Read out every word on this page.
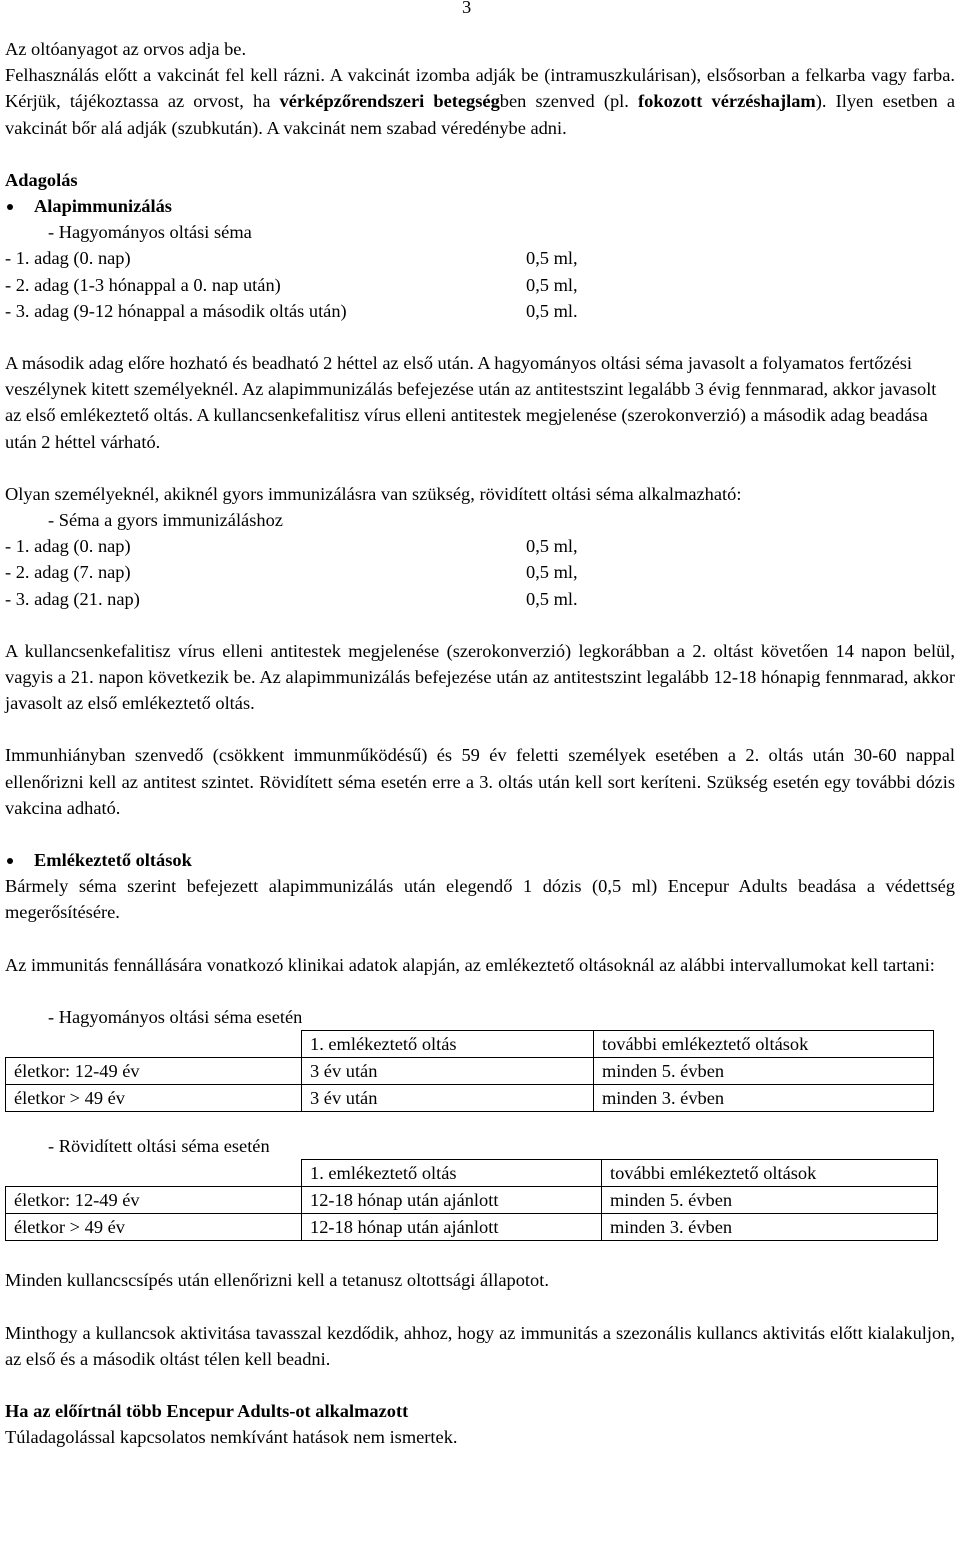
3

Az oltóanyagot az orvos adja be.

Felhasználás előtt a vakcinát fel kell rázni. A vakcinát izomba adják be (intramuszkulárisan), elsősorban a felkarba vagy farba. Kérjük, tájékoztassa az orvost, ha vérképzőrendszeri betegségben szenved (pl. fokozott vérzéshajlam). Ilyen esetben a vakcinát bőr alá adják (szubkután). A vakcinát nem szabad véredénybe adni.

Adagolás

Alapimmunizálás

- Hagyományos oltási séma

- 1. adag (0. nap)	0,5 ml,
- 2. adag (1-3 hónappal a 0. nap után)	0,5 ml,
- 3. adag (9-12 hónappal a második oltás után)	0,5 ml.

A második adag előre hozható és beadható 2 héttel az első után. A hagyományos oltási séma javasolt a folyamatos fertőzési veszélynek kitett személyeknél. Az alapimmunizálás befejezése után az antitestszint legalább 3 évig fennmarad, akkor javasolt az első emlékeztető oltás. A kullancsenkefalitisz vírus elleni antitestek megjelenése (szerokonverzió) a második adag beadása után 2 héttel várható.

Olyan személyeknél, akiknél gyors immunizálásra van szükség, rövidített oltási séma alkalmazható:

- Séma a gyors immunizáláshoz

- 1. adag (0. nap)	0,5 ml,
- 2. adag (7. nap)	0,5 ml,
- 3. adag (21. nap)	0,5 ml.

A kullancsenkefalitisz vírus elleni antitestek megjelenése (szerokonverzió) legkorábban a 2. oltást követően 14 napon belül, vagyis a 21. napon következik be. Az alapimmunizálás befejezése után az antitestszint legalább 12-18 hónapig fennmarad, akkor javasolt az első emlékeztető oltás.

Immunhiányban szenvedő (csökkent immunműködésű) és 59 év feletti személyek esetében a 2. oltás után 30-60 nappal ellenőrizni kell az antitest szintet. Rövidített séma esetén erre a 3. oltás után kell sort keríteni. Szükség esetén egy további dózis vakcina adható.

Emlékeztető oltások

Bármely séma szerint befejezett alapimmunizálás után elegendő 1 dózis (0,5 ml) Encepur Adults beadása a védettség megerősítésére.

Az immunitás fennállására vonatkozó klinikai adatok alapján, az emlékeztető oltásoknál az alábbi intervallumokat kell tartani:

- Hagyományos oltási séma esetén

	1. emlékeztető oltás	további emlékeztető oltások
életkor: 12-49 év	3 év után	minden 5. évben
életkor > 49 év	3 év után	minden 3. évben

- Rövidített oltási séma esetén

	1. emlékeztető oltás	további emlékeztető oltások
életkor: 12-49 év	12-18 hónap után ajánlott	minden 5. évben
életkor > 49 év	12-18 hónap után ajánlott	minden 3. évben

Minden kullancscsípés után ellenőrizni kell a tetanusz oltottsági állapotot.

Minthogy a kullancsok aktivitása tavasszal kezdődik, ahhoz, hogy az immunitás a szezonális kullancs aktivitás előtt kialakuljon, az első és a második oltást télen kell beadni.

Ha az előírtnál több Encepur Adults-ot alkalmazott

Túladagolással kapcsolatos nemkívánt hatások nem ismertek.
